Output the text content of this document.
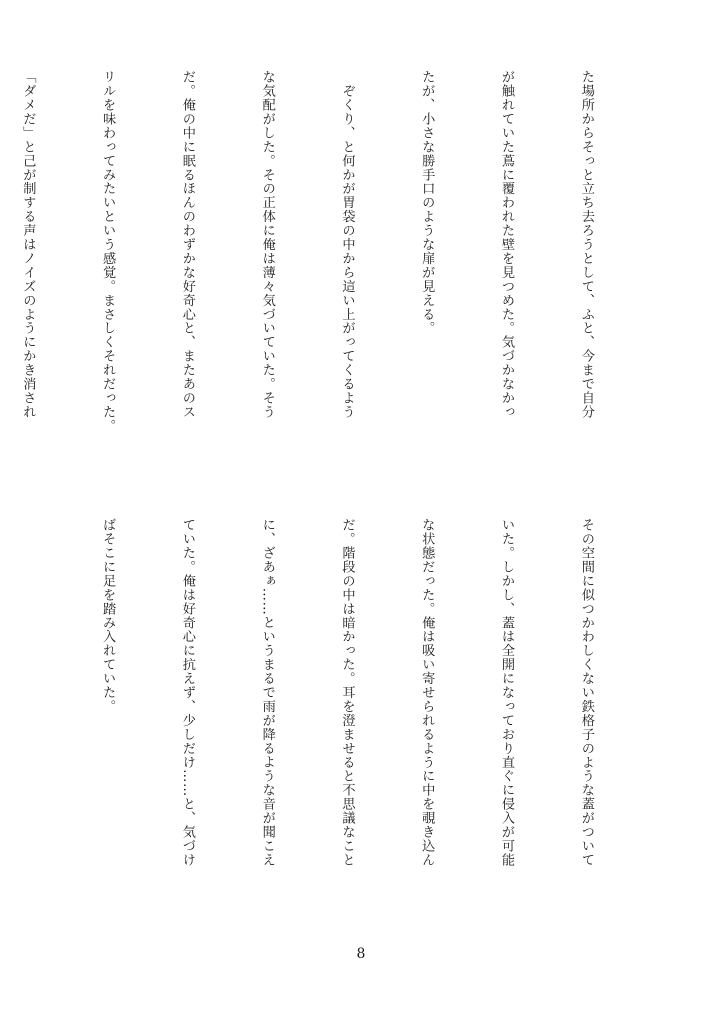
た場所からそっと立ち去ろうとして、ふと、今まで自分

が触れていた蔦に覆われた壁を見つめた。気づかなかっ

たが、小さな勝手口のような扉が見える。

　ぞくり、と何かが胃袋の中から這い上がってくるよう

な気配がした。その正体に俺は薄々気づいていた。そう

だ。俺の中に眠るほんのわずかな好奇心と、またあのス

リルを味わってみたいという感覚。まさしくそれだった。

「ダメだ」と己が制する声はノイズのようにかき消され

その空間に似つかわしくない鉄格子のような蓋がついて

いた。しかし、蓋は全開になっており直ぐに侵入が可能

な状態だった。俺は吸い寄せられるように中を覗き込ん

だ。階段の中は暗かった。耳を澄ませると不思議なこと

に、ざあぁ……というまるで雨が降るような音が聞こえ

ていた。俺は好奇心に抗えず、少しだけ……と、気づけ

ばそこに足を踏み入れていた。

8
